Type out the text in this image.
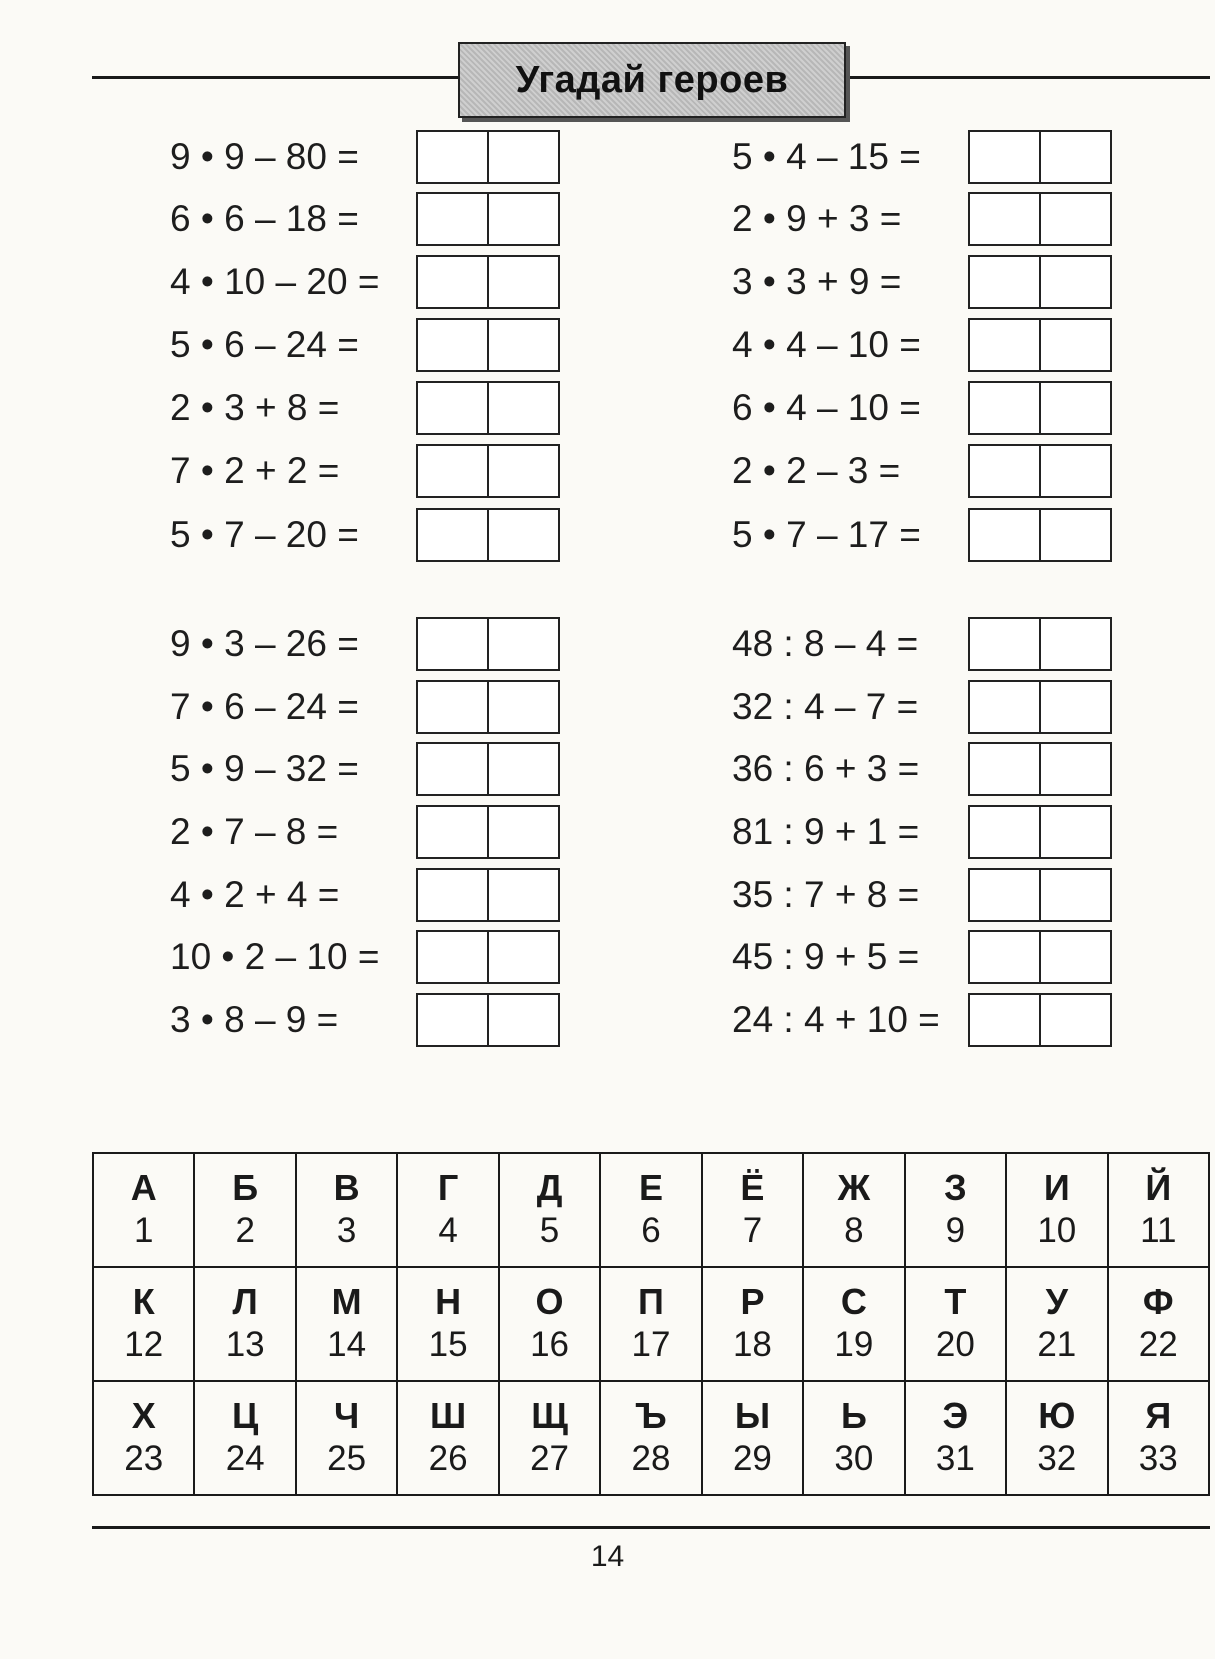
Угадай героев
9 • 9 – 80 =
6 • 6 – 18 =
4 • 10 – 20 =
5 • 6 – 24 =
2 • 3 + 8 =
7 • 2 + 2 =
5 • 7 – 20 =
9 • 3 – 26 =
7 • 6 – 24 =
5 • 9 – 32 =
2 • 7 – 8 =
4 • 2 + 4 =
10 • 2 – 10 =
3 • 8 – 9 =
5 • 4 – 15 =
2 • 9 + 3 =
3 • 3 + 9 =
4 • 4 – 10 =
6 • 4 – 10 =
2 • 2 – 3 =
5 • 7 – 17 =
48 : 8 – 4 =
32 : 4 – 7 =
36 : 6 + 3 =
81 : 9 + 1 =
35 : 7 + 8 =
45 : 9 + 5 =
24 : 4 + 10 =
А
1	Б
2	В
3	Г
4	Д
5	Е
6	Ё
7	Ж
8	З
9	И
10	Й
11

К
12	Л
13	М
14	Н
15	О
16	П
17	Р
18	С
19	Т
20	У
21	Ф
22

Х
23	Ц
24	Ч
25	Ш
26	Щ
27	Ъ
28	Ы
29	Ь
30	Э
31	Ю
32	Я
33
14
